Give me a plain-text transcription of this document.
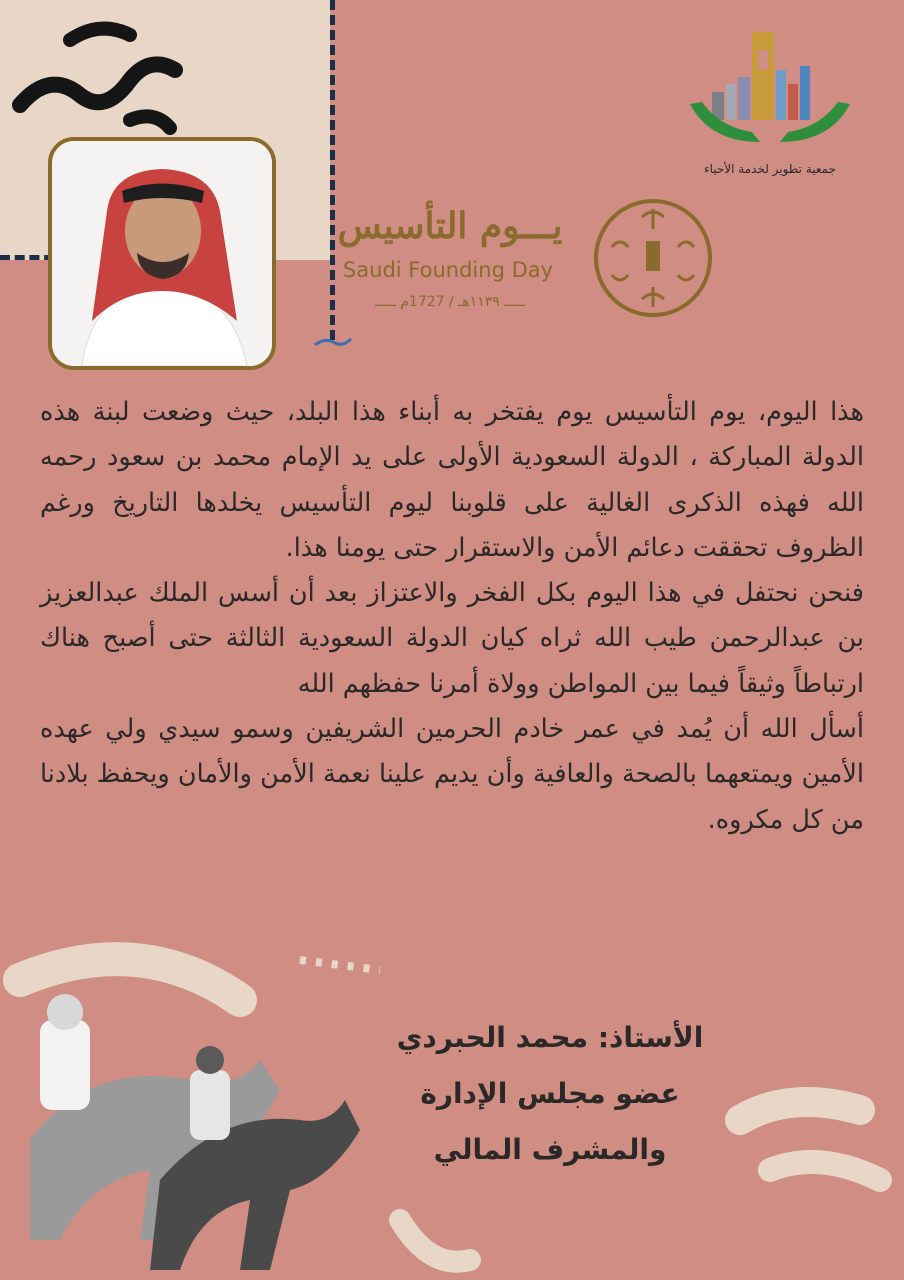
جمعية تطوير لخدمة الأحياء
يـــوم التأسيس
Saudi Founding Day
ـــــ ١١٣٩هـ / 1727م ـــــ

هذا اليوم، يوم التأسيس يوم يفتخر به أبناء هذا البلد، حيث وضعت لبنة هذه الدولة المباركة ، الدولة السعودية الأولى على يد الإمام محمد بن سعود رحمه الله فهذه الذكرى الغالية على قلوبنا ليوم التأسيس يخلدها التاريخ ورغم الظروف تحققت دعائم الأمن والاستقرار حتى يومنا هذا.

فنحن نحتفل في هذا اليوم بكل الفخر والاعتزاز بعد أن أسس الملك عبدالعزيز بن عبدالرحمن طيب الله ثراه كيان الدولة السعودية الثالثة حتى أصبح هناك ارتباطاً وثيقاً فيما بين المواطن وولاة أمرنا حفظهم الله

أسأل الله أن يُمد في عمر خادم الحرمين الشريفين وسمو سيدي ولي عهده الأمين ويمتعهما بالصحة والعافية وأن يديم علينا نعمة الأمن والأمان ويحفظ بلادنا من كل مكروه.

الأستاذ: محمد الحبردي
عضو مجلس الإدارة
والمشرف المالي
